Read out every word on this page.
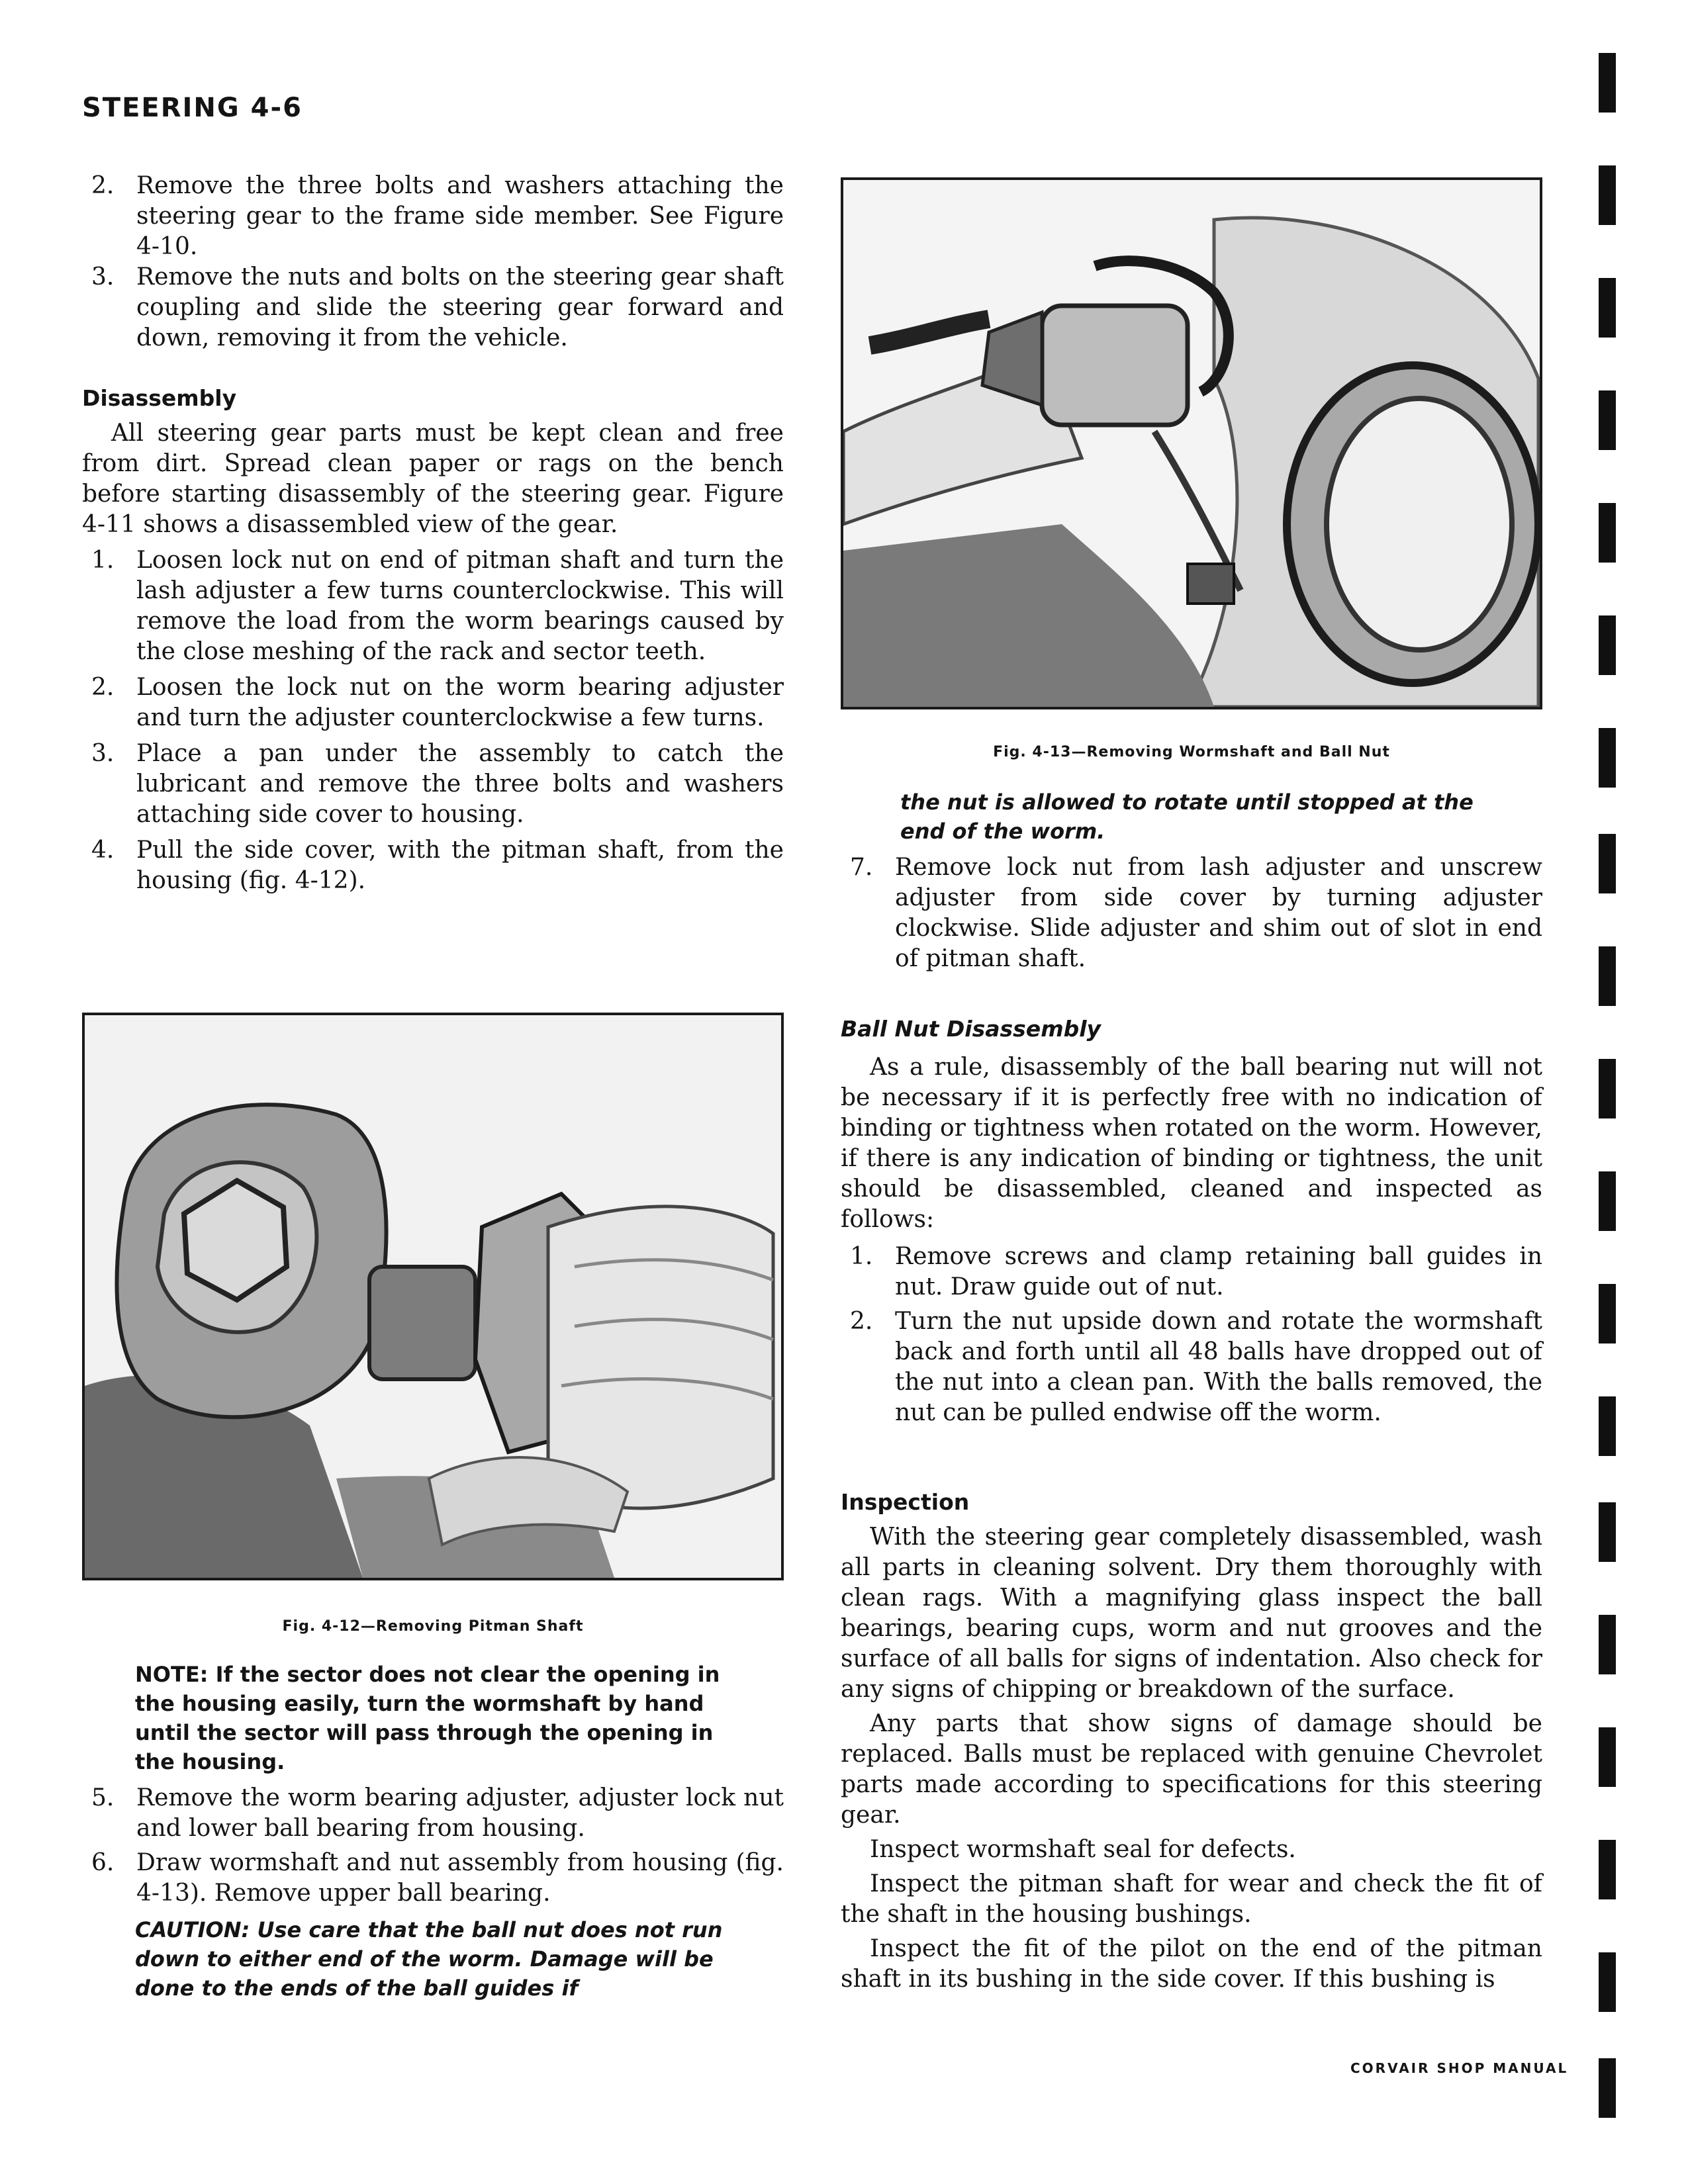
STEERING 4-6
2. Remove the three bolts and washers attaching the steering gear to the frame side member. See Figure 4-10.
3. Remove the nuts and bolts on the steering gear shaft coupling and slide the steering gear forward and down, removing it from the vehicle.
Disassembly
All steering gear parts must be kept clean and free from dirt. Spread clean paper or rags on the bench before starting disassembly of the steering gear. Figure 4-11 shows a disassembled view of the gear.
1. Loosen lock nut on end of pitman shaft and turn the lash adjuster a few turns counterclockwise. This will remove the load from the worm bearings caused by the close meshing of the rack and sector teeth.
2. Loosen the lock nut on the worm bearing adjuster and turn the adjuster counterclockwise a few turns.
3. Place a pan under the assembly to catch the lubricant and remove the three bolts and washers attaching side cover to housing.
4. Pull the side cover, with the pitman shaft, from the housing (fig. 4-12).
Fig. 4-12—Removing Pitman Shaft
NOTE: If the sector does not clear the opening in the housing easily, turn the wormshaft by hand until the sector will pass through the opening in the housing.
5. Remove the worm bearing adjuster, adjuster lock nut and lower ball bearing from housing.
6. Draw wormshaft and nut assembly from housing (fig. 4-13). Remove upper ball bearing.
CAUTION: Use care that the ball nut does not run down to either end of the worm. Damage will be done to the ends of the ball guides if
Fig. 4-13—Removing Wormshaft and Ball Nut
the nut is allowed to rotate until stopped at the end of the worm.
7. Remove lock nut from lash adjuster and unscrew adjuster from side cover by turning adjuster clockwise. Slide adjuster and shim out of slot in end of pitman shaft.
Ball Nut Disassembly
As a rule, disassembly of the ball bearing nut will not be necessary if it is perfectly free with no indication of binding or tightness when rotated on the worm. However, if there is any indication of binding or tightness, the unit should be disassembled, cleaned and inspected as follows:
1. Remove screws and clamp retaining ball guides in nut. Draw guide out of nut.
2. Turn the nut upside down and rotate the wormshaft back and forth until all 48 balls have dropped out of the nut into a clean pan. With the balls removed, the nut can be pulled endwise off the worm.
Inspection
With the steering gear completely disassembled, wash all parts in cleaning solvent. Dry them thoroughly with clean rags. With a magnifying glass inspect the ball bearings, bearing cups, worm and nut grooves and the surface of all balls for signs of indentation. Also check for any signs of chipping or breakdown of the surface.
Any parts that show signs of damage should be replaced. Balls must be replaced with genuine Chevrolet parts made according to specifications for this steering gear.
Inspect wormshaft seal for defects.
Inspect the pitman shaft for wear and check the fit of the shaft in the housing bushings.
Inspect the fit of the pilot on the end of the pitman shaft in its bushing in the side cover. If this bushing is
CORVAIR SHOP MANUAL
